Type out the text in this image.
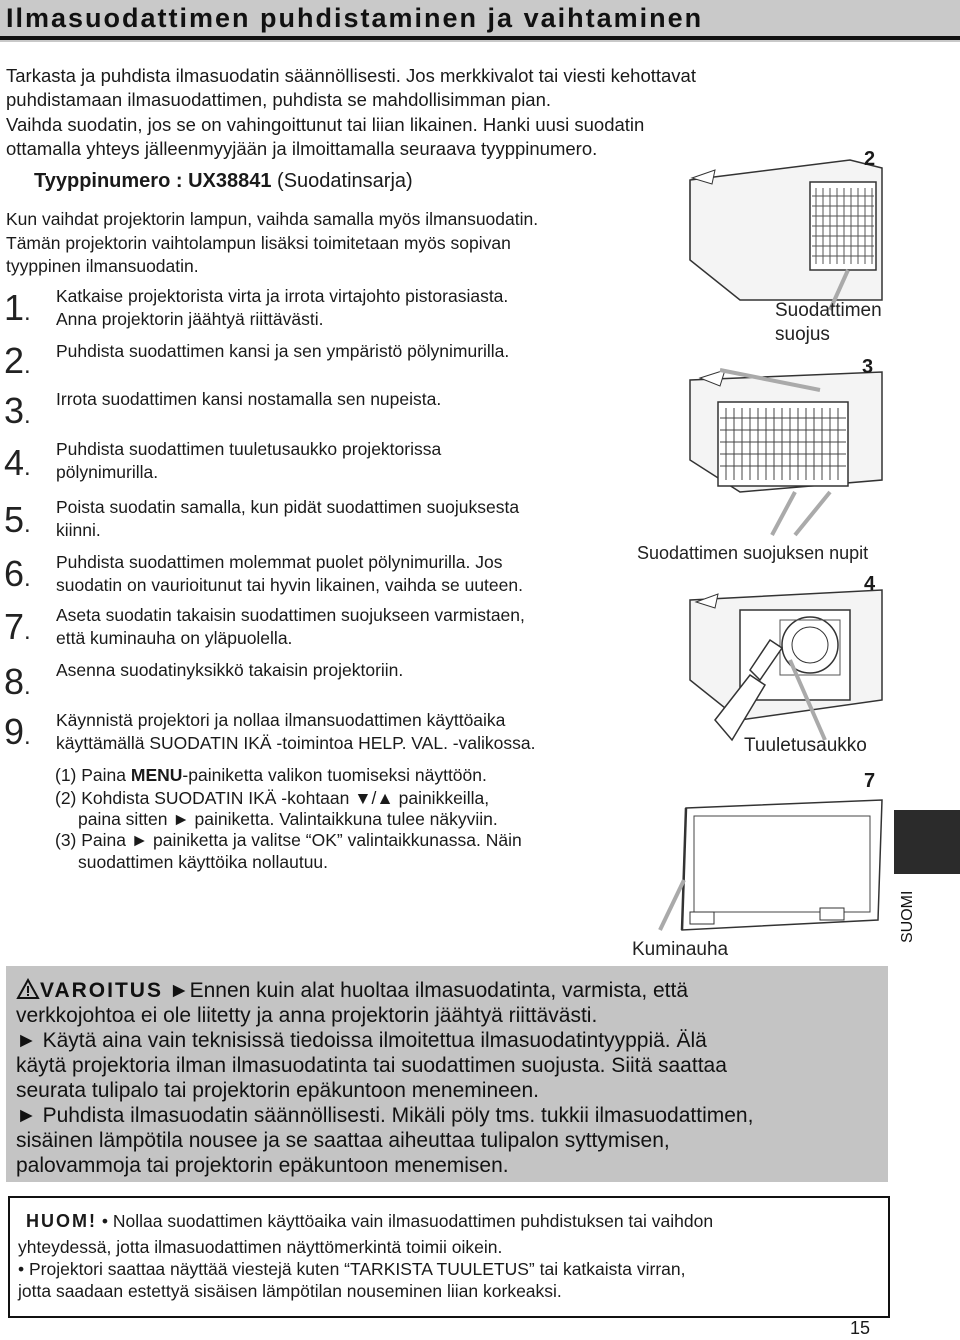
Ilmasuodattimen puhdistaminen ja vaihtaminen
Tarkasta ja puhdista ilmasuodatin säännöllisesti. Jos merkkivalot tai viesti kehottavat
puhdistamaan ilmasuodattimen, puhdista se mahdollisimman pian.
Vaihda suodatin, jos se on vahingoittunut tai liian likainen. Hanki uusi suodatin
ottamalla yhteys jälleenmyyjään ja ilmoittamalla seuraava tyyppinumero.
Tyyppinumero : UX38841 (Suodatinsarja)
Kun vaihdat projektorin lampun, vaihda samalla myös ilmansuodatin.
Tämän projektorin vaihtolampun lisäksi toimitetaan myös sopivan
tyyppinen ilmansuodatin.
1.
Katkaise projektorista virta ja irrota virtajohto pistorasiasta.
Anna projektorin jäähtyä riittävästi.
2.
Puhdista suodattimen kansi ja sen ympäristö pölynimurilla.
3.
Irrota suodattimen kansi nostamalla sen nupeista.
4.
Puhdista suodattimen tuuletusaukko projektorissa
pölynimurilla.
5.
Poista suodatin samalla, kun pidät suodattimen suojuksesta
kiinni.
6.
Puhdista suodattimen molemmat puolet pölynimurilla. Jos
suodatin on vaurioitunut tai hyvin likainen, vaihda se uuteen.
7.
Aseta suodatin takaisin suodattimen suojukseen varmistaen,
että kuminauha on yläpuolella.
8.
Asenna suodatinyksikkö takaisin projektoriin.
9.
Käynnistä projektori ja nollaa ilmansuodattimen käyttöaika
käyttämällä SUODATIN IKÄ -toimintoa HELP. VAL. -valikossa.
(1) Paina MENU-painiketta valikon tuomiseksi näyttöön.
(2) Kohdista SUODATIN IKÄ -kohtaan ▼/▲ painikkeilla,
paina sitten ► painiketta. Valintaikkuna tulee näkyviin.
(3) Paina ► painiketta ja valitse “OK” valintaikkunassa. Näin
suodattimen käyttöika nollautuu.
2
Suodattimen
suojus
3
Suodattimen suojuksen nupit
4
Tuuletusaukko
7
Kuminauha
SUOMI
VAROITUS ►Ennen kuin alat huoltaa ilmasuodatinta, varmista, että
verkkojohtoa ei ole liitetty ja anna projektorin jäähtyä riittävästi.
► Käytä aina vain teknisissä tiedoissa ilmoitettua ilmasuodatintyyppiä. Älä
käytä projektoria ilman ilmasuodatinta tai suodattimen suojusta. Siitä saattaa
seurata tulipalo tai projektorin epäkuntoon menemineen.
► Puhdista ilmasuodatin säännöllisesti. Mikäli pöly tms. tukkii ilmasuodattimen,
sisäinen lämpötila nousee ja se saattaa aiheuttaa tulipalon syttymisen,
palovammoja tai projektorin epäkuntoon menemisen.
HUOM! • Nollaa suodattimen käyttöaika vain ilmasuodattimen puhdistuksen tai vaihdon
yhteydessä, jotta ilmasuodattimen näyttömerkintä toimii oikein.
• Projektori saattaa näyttää viestejä kuten “TARKISTA TUULETUS” tai katkaista virran,
jotta saadaan estettyä sisäisen lämpötilan nouseminen liian korkeaksi.
15
